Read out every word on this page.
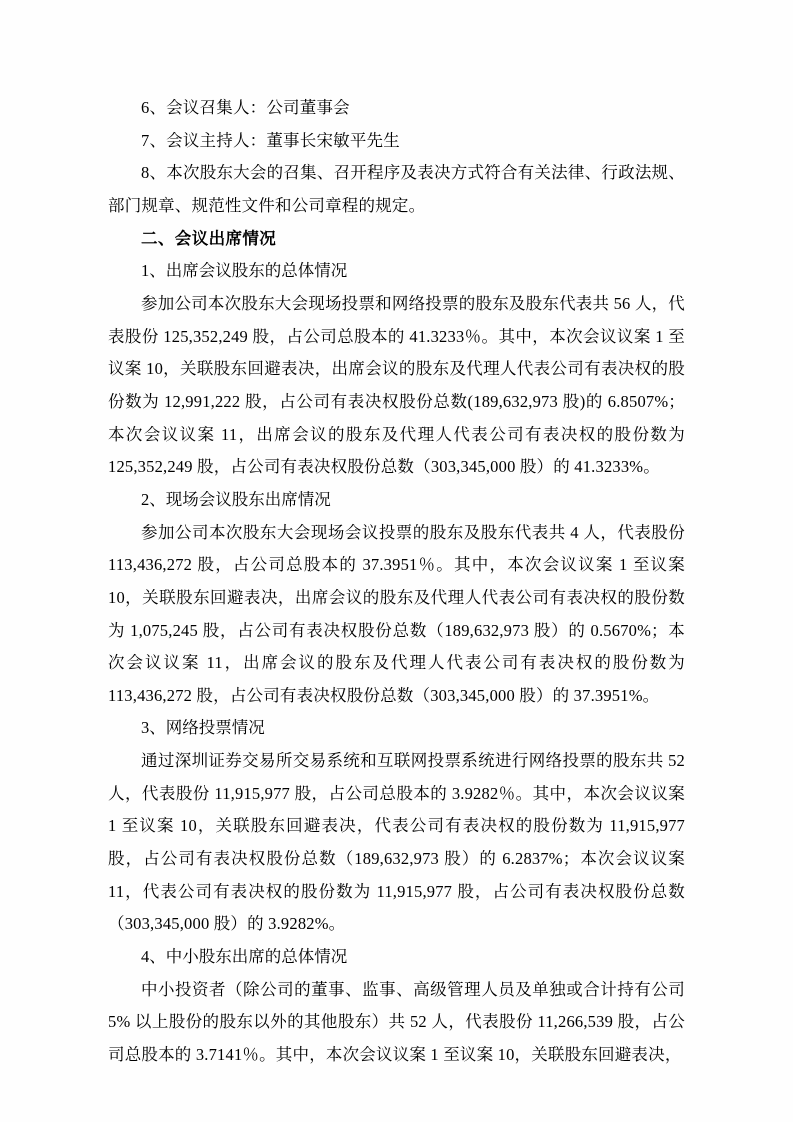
6、会议召集人：公司董事会

7、会议主持人：董事长宋敏平先生

8、本次股东大会的召集、召开程序及表决方式符合有关法律、行政法规、部门规章、规范性文件和公司章程的规定。

二、会议出席情况

1、出席会议股东的总体情况

参加公司本次股东大会现场投票和网络投票的股东及股东代表共 56 人，代表股份 125,352,249 股，占公司总股本的 41.3233％。其中，本次会议议案 1 至议案 10，关联股东回避表决，出席会议的股东及代理人代表公司有表决权的股份数为 12,991,222 股，占公司有表决权股份总数(189,632,973 股)的 6.8507%；本次会议议案 11，出席会议的股东及代理人代表公司有表决权的股份数为 125,352,249 股，占公司有表决权股份总数（303,345,000 股）的 41.3233%。

2、现场会议股东出席情况

参加公司本次股东大会现场会议投票的股东及股东代表共 4 人，代表股份 113,436,272 股，占公司总股本的 37.3951％。其中，本次会议议案 1 至议案 10，关联股东回避表决，出席会议的股东及代理人代表公司有表决权的股份数为 1,075,245 股，占公司有表决权股份总数（189,632,973 股）的 0.5670%；本次会议议案 11，出席会议的股东及代理人代表公司有表决权的股份数为 113,436,272 股，占公司有表决权股份总数（303,345,000 股）的 37.3951%。

3、网络投票情况

通过深圳证券交易所交易系统和互联网投票系统进行网络投票的股东共 52 人，代表股份 11,915,977 股，占公司总股本的 3.9282％。其中，本次会议议案 1 至议案 10，关联股东回避表决，代表公司有表决权的股份数为 11,915,977 股，占公司有表决权股份总数（189,632,973 股）的 6.2837%；本次会议议案 11，代表公司有表决权的股份数为 11,915,977 股，占公司有表决权股份总数（303,345,000 股）的 3.9282%。

4、中小股东出席的总体情况

中小投资者（除公司的董事、监事、高级管理人员及单独或合计持有公司5% 以上股份的股东以外的其他股东）共 52 人，代表股份 11,266,539 股，占公司总股本的 3.7141％。其中，本次会议议案 1 至议案 10，关联股东回避表决，
